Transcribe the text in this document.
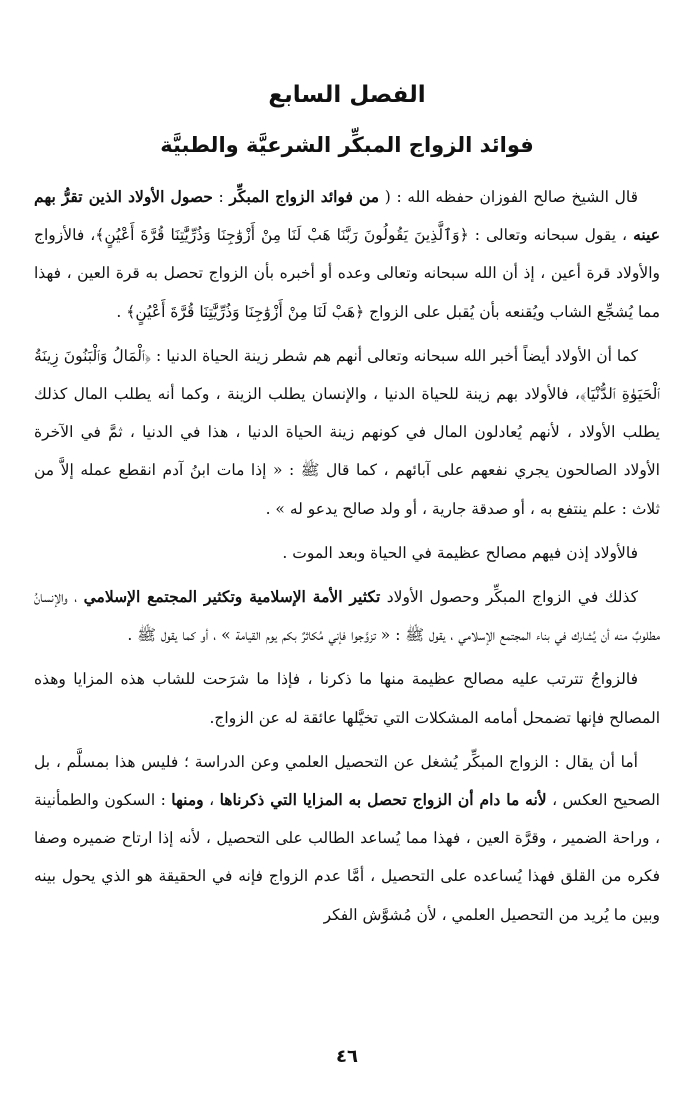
الفصل السابع
فوائد الزواج المبكِّر الشرعيَّة والطبيَّة

قال الشيخ صالح الفوزان حفظه الله : ( من فوائد الزواج المبكِّر : حصول الأولاد الذين تقرُّ بهم عينه ، يقول سبحانه وتعالى : ﴿وَٱلَّذِينَ يَقُولُونَ رَبَّنَا هَبْ لَنَا مِنْ أَزْوَٰجِنَا وَذُرِّيَّٰتِنَا قُرَّةَ أَعْيُنٍ﴾، فالأزواج والأولاد قرة أعين ، إذ أن الله سبحانه وتعالى وعده أو أخبره بأن الزواج تحصل به قرة العين ، فهذا مما يُشجِّع الشاب ويُقنعه بأن يُقبل على الزواج ﴿هَبْ لَنَا مِنْ أَزْوَٰجِنَا وَذُرِّيَّٰتِنَا قُرَّةَ أَعْيُنٍ﴾ .

كما أن الأولاد أيضاً أخبر الله سبحانه وتعالى أنهم هم شطر زينة الحياة الدنيا : ﴿ٱلْمَالُ وَٱلْبَنُونَ زِينَةُ ٱلْحَيَوٰةِ ٱلدُّنْيَا﴾، فالأولاد بهم زينة للحياة الدنيا ، والإنسان يطلب الزينة ، وكما أنه يطلب المال كذلك يطلب الأولاد ، لأنهم يُعادلون المال في كونهم زينة الحياة الدنيا ، هذا في الدنيا ، ثمَّ في الآخرة الأولاد الصالحون يجري نفعهم على آبائهم ، كما قال ﷺ : « إذا مات ابنُ آدم انقطع عمله إلاَّ من ثلاث : علم ينتفع به ، أو صدقة جارية ، أو ولد صالح يدعو له » .

فالأولاد إذن فيهم مصالح عظيمة في الحياة وبعد الموت .

كذلك في الزواج المبكِّر وحصول الأولاد تكثير الأمة الإسلامية وتكثير المجتمع الإسلامي ، والإنسانُ مطلوبٌ منه أن يُشارك في بناء المجتمع الإسلامي ، يقول ﷺ : « تزوَّجوا فإني مُكاثرٌ بكم يوم القيامة » ، أو كما يقول ﷺ .

فالزواجُ تترتب عليه مصالح عظيمة منها ما ذكرنا ، فإذا ما شرَحت للشاب هذه المزايا وهذه المصالح فإنها تضمحل أمامه المشكلات التي تخيَّلها عائقة له عن الزواج.

أما أن يقال : الزواج المبكِّر يُشغل عن التحصيل العلمي وعن الدراسة ؛ فليس هذا بمسلَّم ، بل الصحيح العكس ، لأنه ما دام أن الزواج تحصل به المزايا التي ذكرناها ، ومنها : السكون والطمأنينة ، وراحة الضمير ، وقرَّة العين ، فهذا مما يُساعد الطالب على التحصيل ، لأنه إذا ارتاح ضميره وصفا فكره من القلق فهذا يُساعده على التحصيل ، أمَّا عدم الزواج فإنه في الحقيقة هو الذي يحول بينه وبين ما يُريد من التحصيل العلمي ، لأن مُشوَّش الفكر

٤٦
